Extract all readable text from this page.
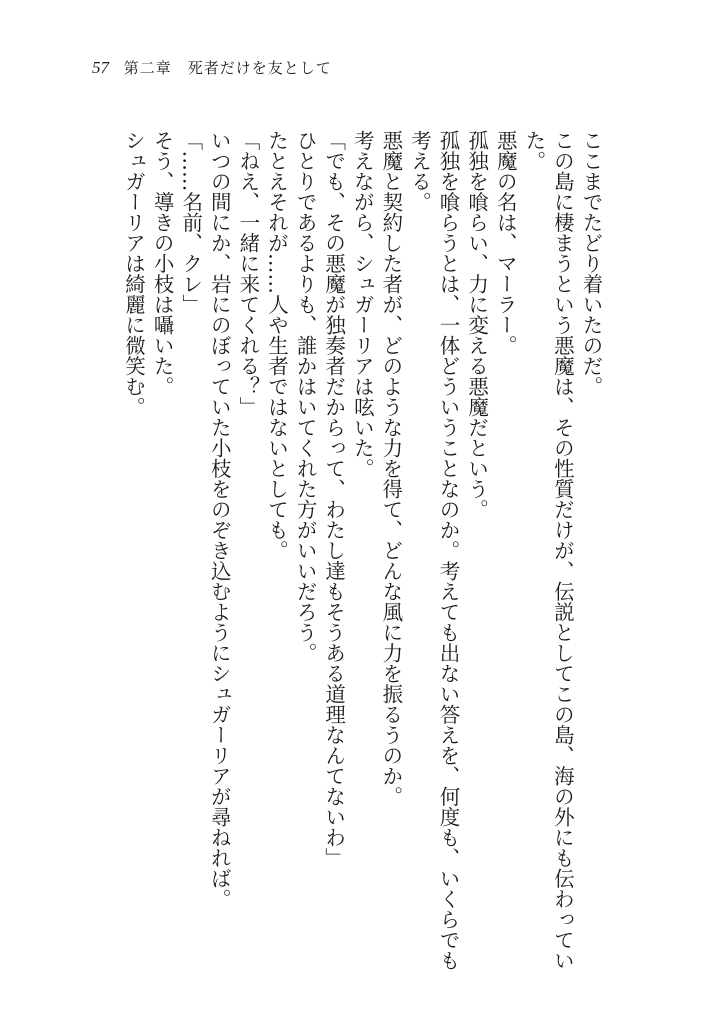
57 第二章　死者だけを友として
ここまでたどり着いたのだ。
この島に棲まうという悪魔は、その性質だけが、伝説としてこの島、海の外にも伝わってい
た。
悪魔の名は、マーラー。
孤独を喰らい、力に変える悪魔だという。
孤独を喰らうとは、一体どういうことなのか。考えても出ない答えを、何度も、いくらでも
考える。
悪魔と契約した者が、どのような力を得て、どんな風に力を振るうのか。
考えながら、シュガーリアは呟いた。
「でも、その悪魔が独奏者だからって、わたし達もそうある道理なんてないわ」
ひとりであるよりも、誰かはいてくれた方がいいだろう。
たとえそれが……人や生者ではないとしても。
「ねえ、一緒に来てくれる？」
いつの間にか、岩にのぼっていた小枝をのぞき込むようにシュガーリアが尋ねれば。
「……名前、クレ」
そう、導きの小枝は囁いた。
シュガーリアは綺麗に微笑む。
